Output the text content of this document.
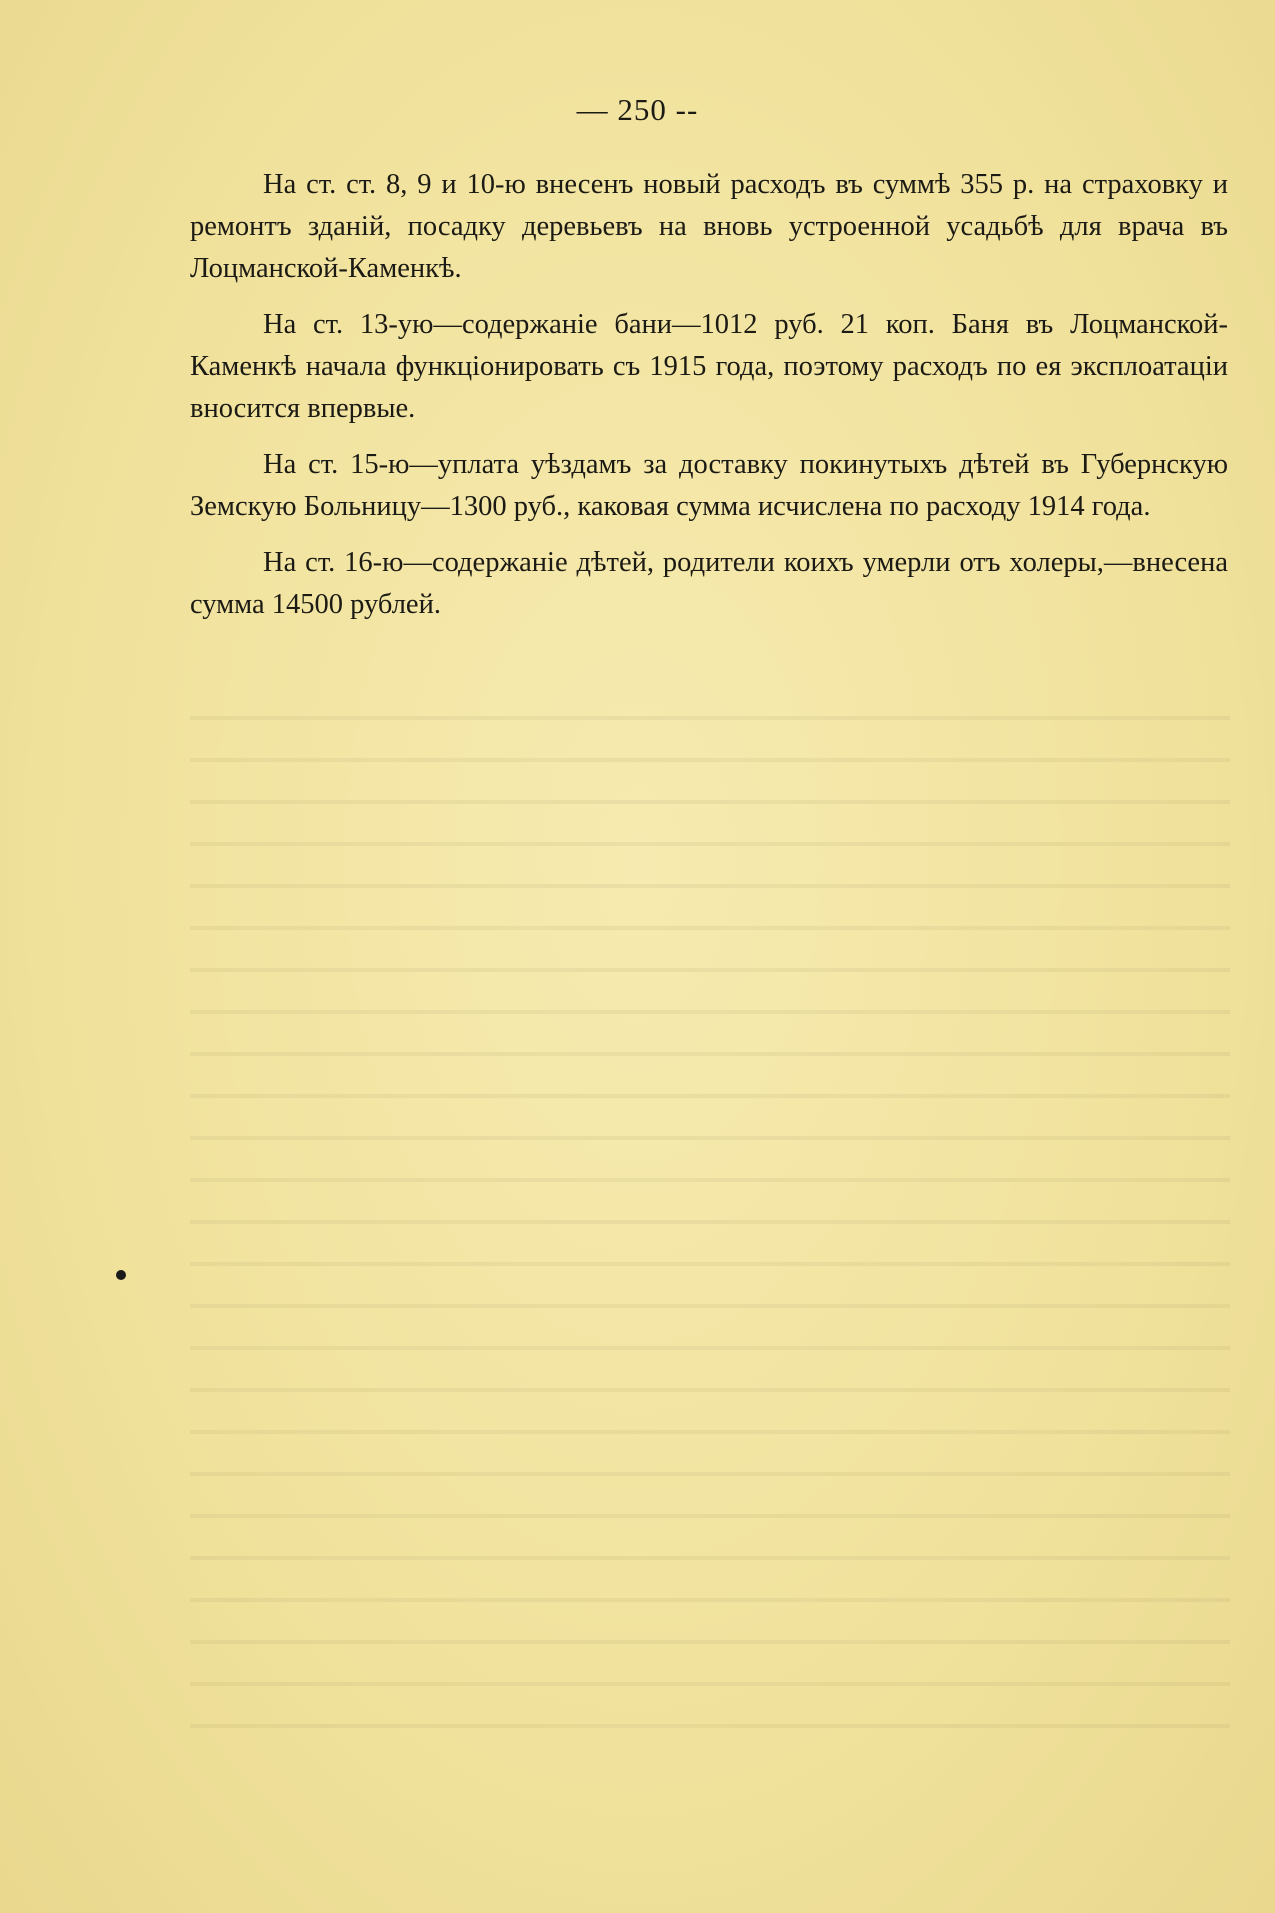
— 250 --

На ст. ст. 8, 9 и 10-ю внесенъ новый расходъ въ суммѣ 355 р. на страховку и ремонтъ зданій, посадку деревьевъ на вновь устроенной усадьбѣ для врача въ Лоцманской-Каменкѣ.

На ст. 13-ую—содержаніе бани—1012 руб. 21 коп. Баня въ Лоцманской-Каменкѣ начала функціонировать съ 1915 года, поэтому расходъ по ея эксплоатаціи вносится впервые.

На ст. 15-ю—уплата уѣздамъ за доставку покинутыхъ дѣтей въ Губернскую Земскую Больницу—1300 руб., каковая сумма исчислена по расходу 1914 года.

На ст. 16-ю—содержаніе дѣтей, родители коихъ умерли отъ холеры,—внесена сумма 14500 рублей.
